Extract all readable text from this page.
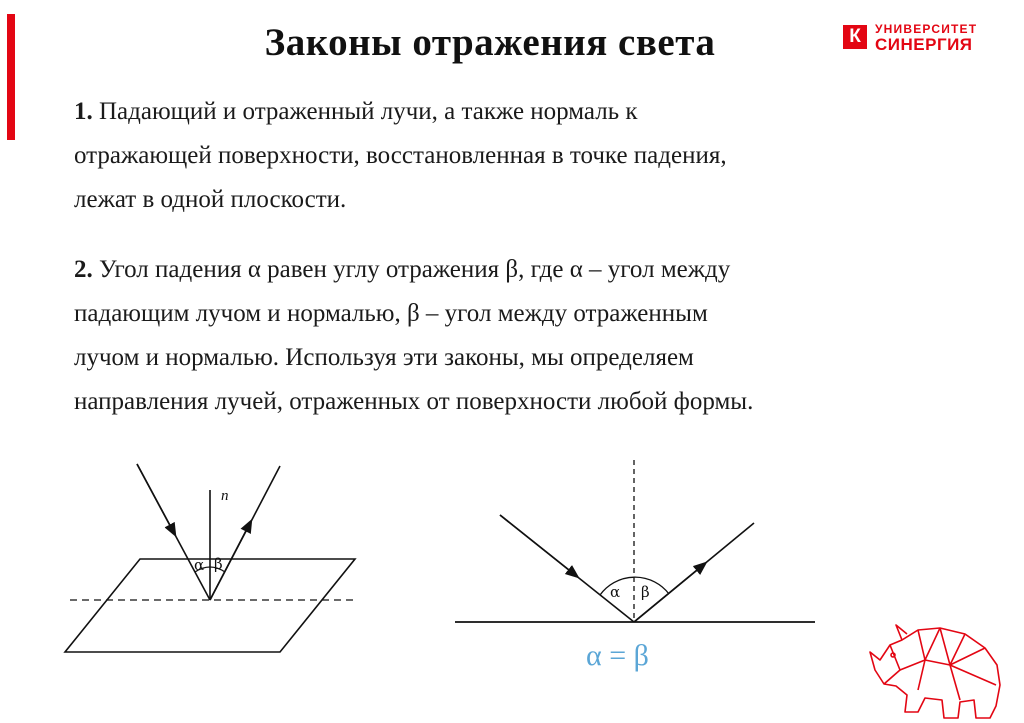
Законы отражения света	К	УНИВЕРСИТЕТ
СИНЕРГИЯ
1. Падающий и отраженный лучи, а также нормаль к
отражающей поверхности, восстановленная в точке падения,
лежат в одной плоскости.
2. Угол падения α равен углу отражения β, где α – угол между
падающим лучом и нормалью, β – угол между отраженным
лучом и нормалью. Используя эти законы, мы определяем
направления лучей, отраженных от поверхности любой формы.
n
α β
α β
α = β
